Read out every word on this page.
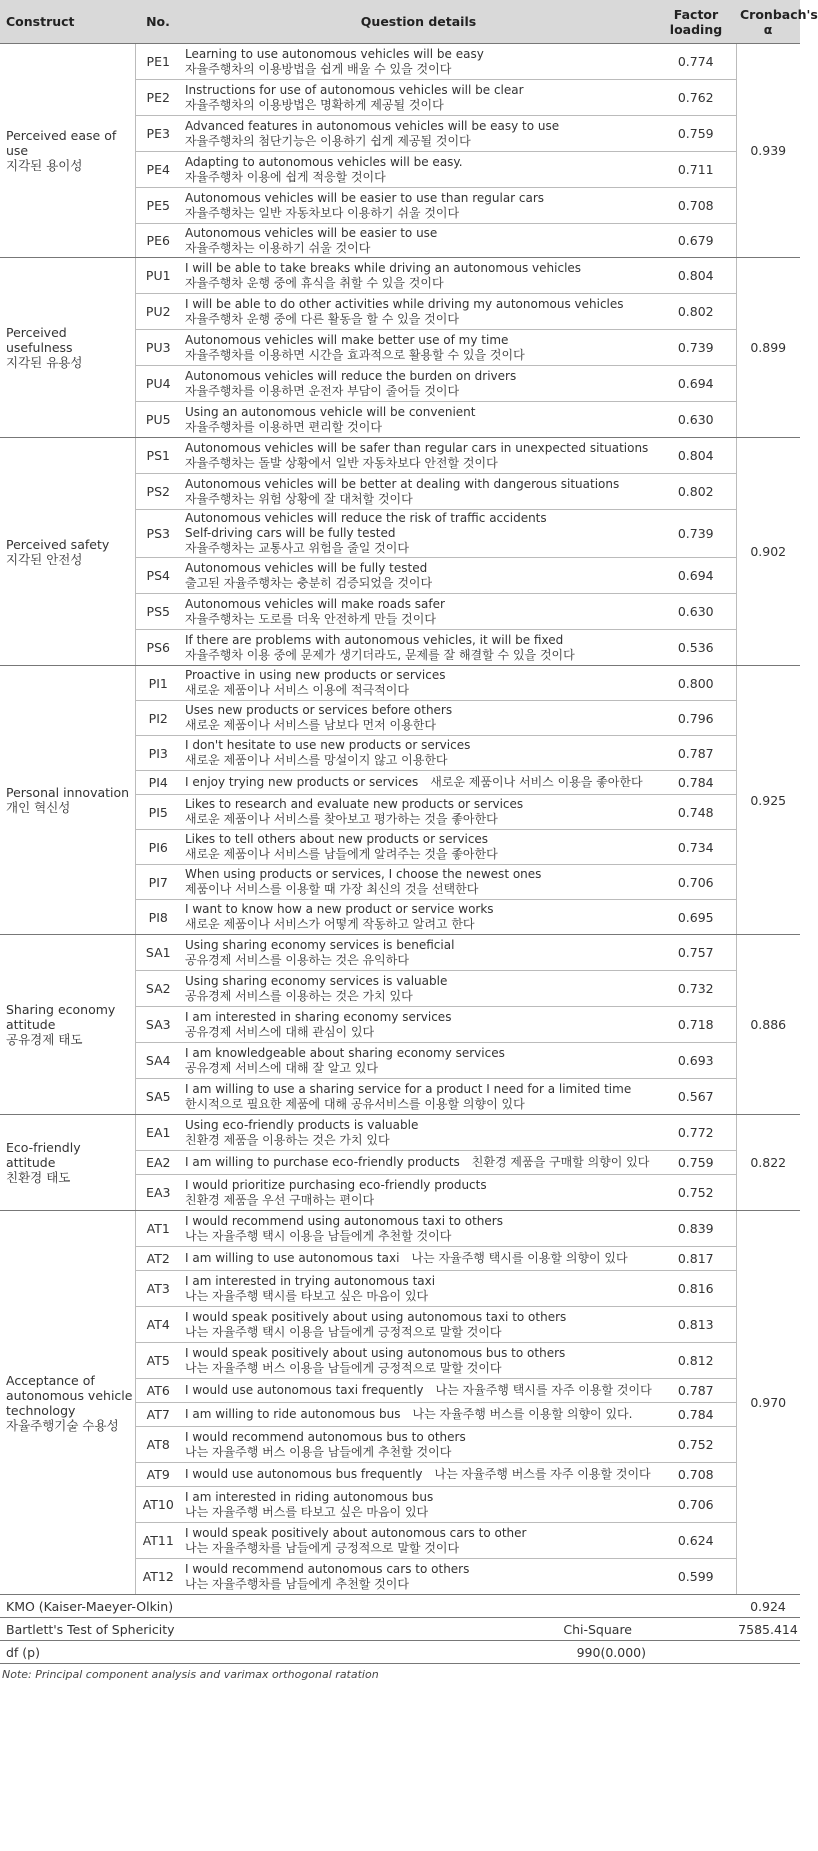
Construct	No.	Question details	Factor
loading	Cronbach's
α
Perceived ease of use
지각된 용이성	PE1	Learning to use autonomous vehicles will be easy
자율주행차의 이용방법을 쉽게 배울 수 있을 것이다	0.774	0.939
	PE2	Instructions for use of autonomous vehicles will be clear
자율주행차의 이용방법은 명확하게 제공될 것이다	0.762	
	PE3	Advanced features in autonomous vehicles will be easy to use
자율주행차의 첨단기능은 이용하기 쉽게 제공될 것이다	0.759	
	PE4	Adapting to autonomous vehicles will be easy.
자율주행차 이용에 쉽게 적응할 것이다	0.711	
	PE5	Autonomous vehicles will be easier to use than regular cars
자율주행차는 일반 자동차보다 이용하기 쉬울 것이다	0.708	
	PE6	Autonomous vehicles will be easier to use
자율주행차는 이용하기 쉬울 것이다	0.679	
Perceived usefulness
지각된 유용성	PU1	I will be able to take breaks while driving an autonomous vehicles
자율주행차 운행 중에 휴식을 취할 수 있을 것이다	0.804	0.899
	PU2	I will be able to do other activities while driving my autonomous vehicles
자율주행차 운행 중에 다른 활동을 할 수 있을 것이다	0.802	
	PU3	Autonomous vehicles will make better use of my time
자율주행차를 이용하면 시간을 효과적으로 활용할 수 있을 것이다	0.739	
	PU4	Autonomous vehicles will reduce the burden on drivers
자율주행차를 이용하면 운전자 부담이 줄어들 것이다	0.694	
	PU5	Using an autonomous vehicle will be convenient
자율주행차를 이용하면 편리할 것이다	0.630	
Perceived safety
지각된 안전성	PS1	Autonomous vehicles will be safer than regular cars in unexpected situations
자율주행차는 돌발 상황에서 일반 자동차보다 안전할 것이다	0.804	0.902
	PS2	Autonomous vehicles will be better at dealing with dangerous situations
자율주행차는 위험 상황에 잘 대처할 것이다	0.802	
	PS3	Autonomous vehicles will reduce the risk of traffic accidents
Self-driving cars will be fully tested
자율주행차는 교통사고 위험을 줄일 것이다	0.739	
	PS4	Autonomous vehicles will be fully tested
출고된 자율주행차는 충분히 검증되었을 것이다	0.694	
	PS5	Autonomous vehicles will make roads safer
자율주행차는 도로를 더욱 안전하게 만들 것이다	0.630	
	PS6	If there are problems with autonomous vehicles, it will be fixed
자율주행차 이용 중에 문제가 생기더라도, 문제를 잘 해결할 수 있을 것이다	0.536	
Personal innovation
개인 혁신성	PI1	Proactive in using new products or services
새로운 제품이나 서비스 이용에 적극적이다	0.800	0.925
	PI2	Uses new products or services before others
새로운 제품이나 서비스를 남보다 먼저 이용한다	0.796	
	PI3	I don't hesitate to use new products or services
새로운 제품이나 서비스를 망설이지 않고 이용한다	0.787	
	PI4	I enjoy trying new products or services 새로운 제품이나 서비스 이용을 좋아한다	0.784	
	PI5	Likes to research and evaluate new products or services
새로운 제품이나 서비스를 찾아보고 평가하는 것을 좋아한다	0.748	
	PI6	Likes to tell others about new products or services
새로운 제품이나 서비스를 남들에게 알려주는 것을 좋아한다	0.734	
	PI7	When using products or services, I choose the newest ones
제품이나 서비스를 이용할 때 가장 최신의 것을 선택한다	0.706	
	PI8	I want to know how a new product or service works
새로운 제품이나 서비스가 어떻게 작동하고 알려고 한다	0.695	
Sharing economy attitude
공유경제 태도	SA1	Using sharing economy services is beneficial
공유경제 서비스를 이용하는 것은 유익하다	0.757	0.886
	SA2	Using sharing economy services is valuable
공유경제 서비스를 이용하는 것은 가치 있다	0.732	
	SA3	I am interested in sharing economy services
공유경제 서비스에 대해 관심이 있다	0.718	
	SA4	I am knowledgeable about sharing economy services
공유경제 서비스에 대해 잘 알고 있다	0.693	
	SA5	I am willing to use a sharing service for a product I need for a limited time
한시적으로 필요한 제품에 대해 공유서비스를 이용할 의향이 있다	0.567	
Eco-friendly attitude
친환경 태도	EA1	Using eco-friendly products is valuable
친환경 제품을 이용하는 것은 가치 있다	0.772	0.822
	EA2	I am willing to purchase eco-friendly products 친환경 제품을 구매할 의향이 있다	0.759	
	EA3	I would prioritize purchasing eco-friendly products
친환경 제품을 우선 구매하는 편이다	0.752	
Acceptance of autonomous vehicle technology
자율주행기술 수용성	AT1	I would recommend using autonomous taxi to others
나는 자율주행 택시 이용을 남들에게 추천할 것이다	0.839	0.970
	AT2	I am willing to use autonomous taxi 나는 자율주행 택시를 이용할 의향이 있다	0.817	
	AT3	I am interested in trying autonomous taxi
나는 자율주행 택시를 타보고 싶은 마음이 있다	0.816	
	AT4	I would speak positively about using autonomous taxi to others
나는 자율주행 택시 이용을 남들에게 긍정적으로 말할 것이다	0.813	
	AT5	I would speak positively about using autonomous bus to others
나는 자율주행 버스 이용을 남들에게 긍정적으로 말할 것이다	0.812	
	AT6	I would use autonomous taxi frequently 나는 자율주행 택시를 자주 이용할 것이다	0.787	
	AT7	I am willing to ride autonomous bus 나는 자율주행 버스를 이용할 의향이 있다.	0.784	
	AT8	I would recommend autonomous bus to others
나는 자율주행 버스 이용을 남들에게 추천할 것이다	0.752	
	AT9	I would use autonomous bus frequently 나는 자율주행 버스를 자주 이용할 것이다	0.708	
	AT10	I am interested in riding autonomous bus
나는 자율주행 버스를 타보고 싶은 마음이 있다	0.706	
	AT11	I would speak positively about autonomous cars to other
나는 자율주행차를 남들에게 긍정적으로 말할 것이다	0.624	
	AT12	I would recommend autonomous cars to others
나는 자율주행차를 남들에게 추천할 것이다	0.599	
KMO (Kaiser-Maeyer-Olkin)				0.924
Bartlett's Test of Sphericity		Chi-Square		7585.414
df (p)		990(0.000)		
Note: Principal component analysis and varimax orthogonal ratation
